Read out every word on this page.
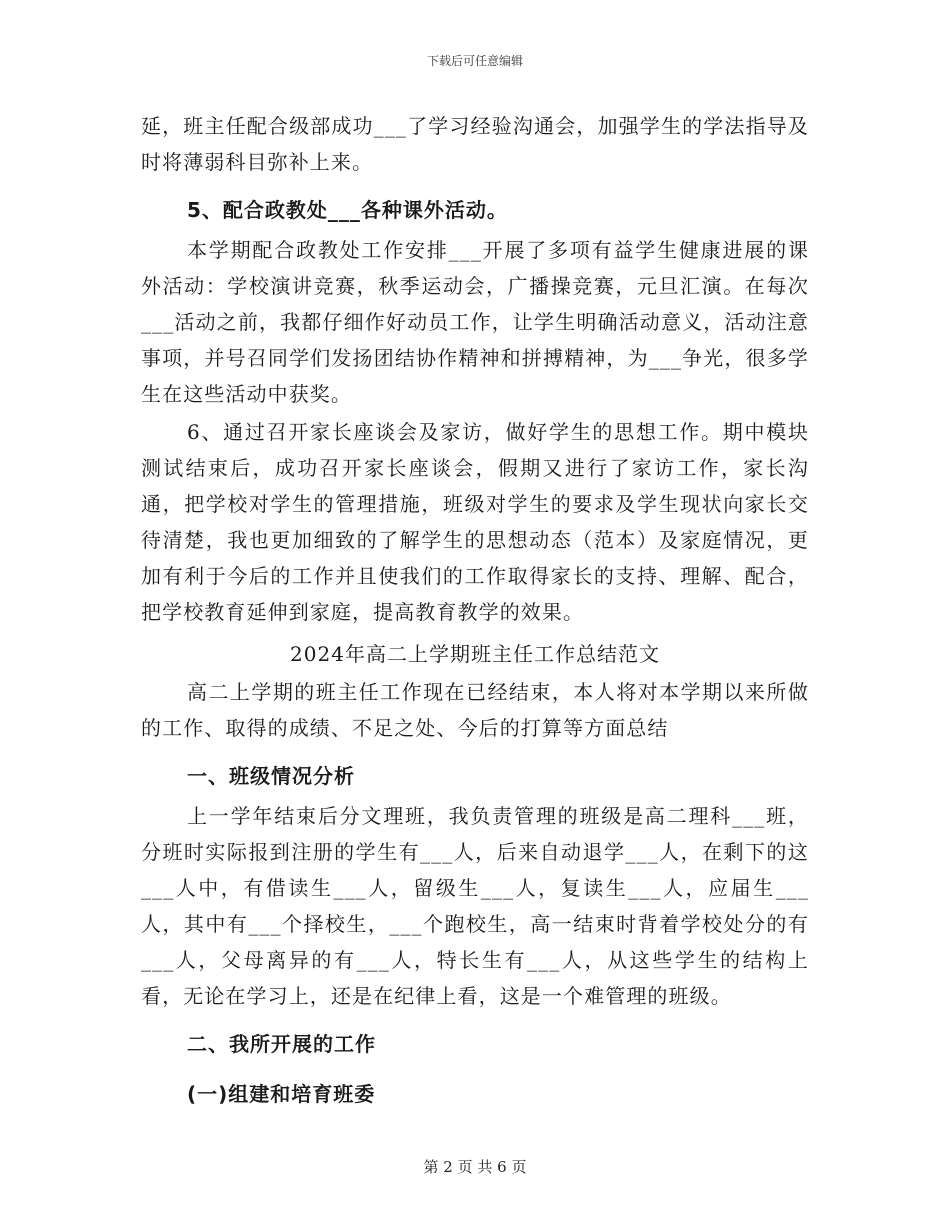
下载后可任意编辑

延，班主任配合级部成功___了学习经验沟通会，加强学生的学法指导及时将薄弱科目弥补上来。

5、配合政教处___各种课外活动。

本学期配合政教处工作安排___开展了多项有益学生健康进展的课外活动：学校演讲竞赛，秋季运动会，广播操竞赛，元旦汇演。在每次___活动之前，我都仔细作好动员工作，让学生明确活动意义，活动注意事项，并号召同学们发扬团结协作精神和拼搏精神，为___争光，很多学生在这些活动中获奖。

6、通过召开家长座谈会及家访，做好学生的思想工作。期中模块测试结束后，成功召开家长座谈会，假期又进行了家访工作，家长沟通，把学校对学生的管理措施，班级对学生的要求及学生现状向家长交待清楚，我也更加细致的了解学生的思想动态（范本）及家庭情况，更加有利于今后的工作并且使我们的工作取得家长的支持、理解、配合，把学校教育延伸到家庭，提高教育教学的效果。

2024年高二上学期班主任工作总结范文

高二上学期的班主任工作现在已经结束，本人将对本学期以来所做的工作、取得的成绩、不足之处、今后的打算等方面总结

一、班级情况分析

上一学年结束后分文理班，我负责管理的班级是高二理科___班，分班时实际报到注册的学生有___人，后来自动退学___人，在剩下的这___人中，有借读生___人，留级生___人，复读生___人，应届生___人，其中有___个择校生，___个跑校生，高一结束时背着学校处分的有___人，父母离异的有___人，特长生有___人，从这些学生的结构上看，无论在学习上，还是在纪律上看，这是一个难管理的班级。

二、我所开展的工作

(一)组建和培育班委

第 2 页 共 6 页
